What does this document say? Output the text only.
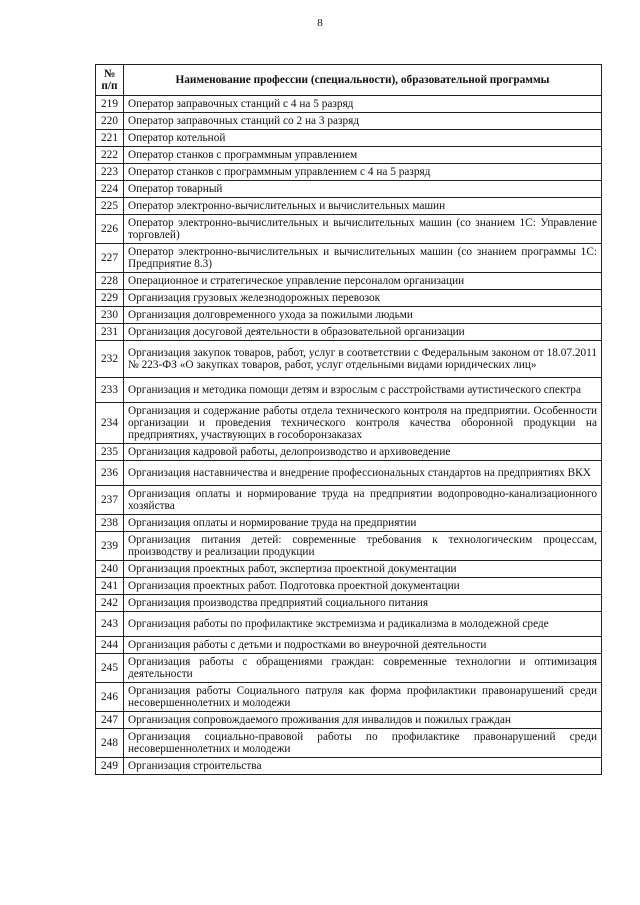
8
№
п/п	Наименование профессии (специальности), образовательной программы
219	Оператор заправочных станций с 4 на 5 разряд
220	Оператор заправочных станций со 2 на 3 разряд
221	Оператор котельной
222	Оператор станков с программным управлением
223	Оператор станков с программным управлением с 4 на 5 разряд
224	Оператор товарный
225	Оператор электронно-вычислительных и вычислительных машин
226	Оператор электронно-вычислительных и вычислительных машин (со знанием 1С: Управление торговлей)
227	Оператор электронно-вычислительных и вычислительных машин (со знанием программы 1С: Предприятие 8.3)
228	Операционное и стратегическое управление персоналом организации
229	Организация грузовых железнодорожных перевозок
230	Организация долговременного ухода за пожилыми людьми
231	Организация досуговой деятельности в образовательной организации
232	Организация закупок товаров, работ, услуг в соответствии с Федеральным законом от 18.07.2011 № 223-ФЗ «О закупках товаров, работ, услуг отдельными видами юридических лиц»
233	Организация и методика помощи детям и взрослым с расстройствами аутистического спектра
234	Организация и содержание работы отдела технического контроля на предприятии. Особенности организации и проведения технического контроля качества оборонной продукции на предприятиях, участвующих в гособоронзаказах
235	Организация кадровой работы, делопроизводство и архивоведение
236	Организация наставничества и внедрение профессиональных стандартов на предприятиях ВКХ
237	Организация оплаты и нормирование труда на предприятии водопроводно-канализационного хозяйства
238	Организация оплаты и нормирование труда на предприятии
239	Организация питания детей: современные требования к технологическим процессам, производству и реализации продукции
240	Организация проектных работ, экспертиза проектной документации
241	Организация проектных работ. Подготовка проектной документации
242	Организация производства предприятий социального питания
243	Организация работы по профилактике экстремизма и радикализма в молодежной среде
244	Организация работы с детьми и подростками во внеурочной деятельности
245	Организация работы с обращениями граждан: современные технологии и оптимизация деятельности
246	Организация работы Социального патруля как форма профилактики правонарушений среди несовершеннолетних и молодежи
247	Организация сопровождаемого проживания для инвалидов и пожилых граждан
248	Организация социально-правовой работы по профилактике правонарушений среди несовершеннолетних и молодежи
249	Организация строительства
